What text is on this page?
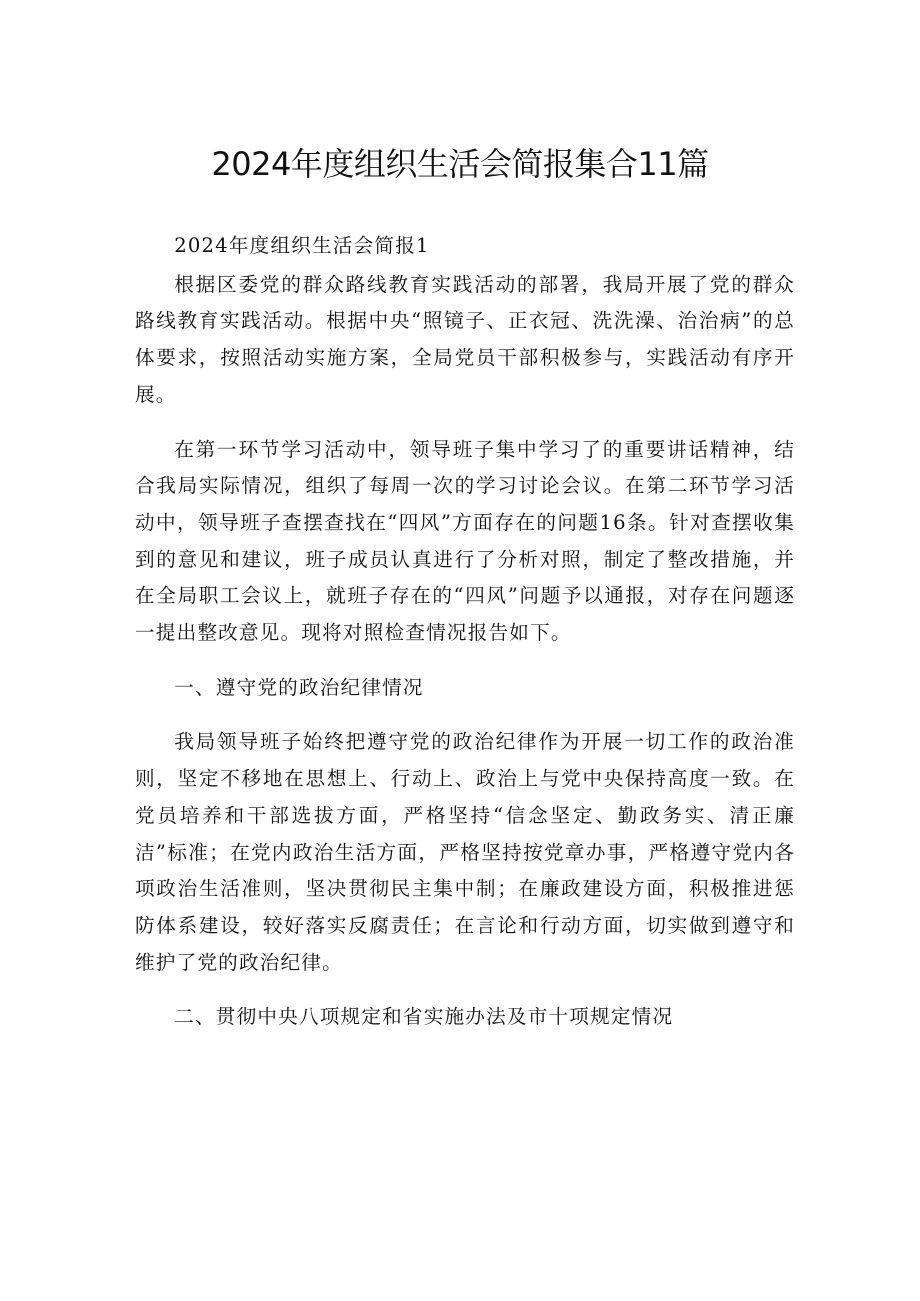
2024年度组织生活会简报集合11篇

2024年度组织生活会简报1

根据区委党的群众路线教育实践活动的部署，我局开展了党的群众路线教育实践活动。根据中央“照镜子、正衣冠、洗洗澡、治治病”的总体要求，按照活动实施方案，全局党员干部积极参与，实践活动有序开展。

在第一环节学习活动中，领导班子集中学习了的重要讲话精神，结合我局实际情况，组织了每周一次的学习讨论会议。在第二环节学习活动中，领导班子查摆查找在“四风”方面存在的问题16条。针对查摆收集到的意见和建议，班子成员认真进行了分析对照，制定了整改措施，并在全局职工会议上，就班子存在的“四风”问题予以通报，对存在问题逐一提出整改意见。现将对照检查情况报告如下。

一、遵守党的政治纪律情况

我局领导班子始终把遵守党的政治纪律作为开展一切工作的政治准则，坚定不移地在思想上、行动上、政治上与党中央保持高度一致。在党员培养和干部选拔方面，严格坚持“信念坚定、勤政务实、清正廉洁”标准；在党内政治生活方面，严格坚持按党章办事，严格遵守党内各项政治生活准则，坚决贯彻民主集中制；在廉政建设方面，积极推进惩防体系建设，较好落实反腐责任；在言论和行动方面，切实做到遵守和维护了党的政治纪律。

二、贯彻中央八项规定和省实施办法及市十项规定情况
